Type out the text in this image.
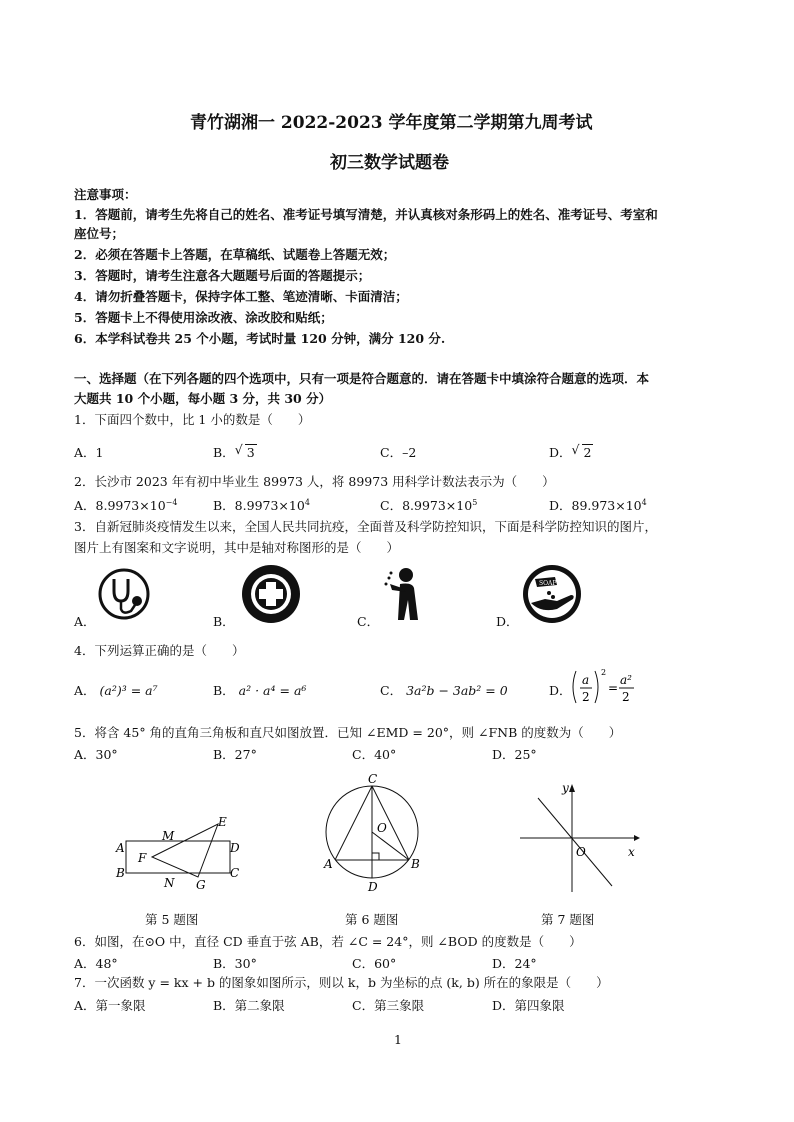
青竹湖湘一 2022-2023 学年度第二学期第九周考试
初三数学试题卷
注意事项：
1．答题前，请考生先将自己的姓名、准考证号填写清楚，并认真核对条形码上的姓名、准考证号、考室和
座位号；
2．必须在答题卡上答题，在草稿纸、试题卷上答题无效；
3．答题时，请考生注意各大题题号后面的答题提示；
4．请勿折叠答题卡，保持字体工整、笔迹清晰、卡面清洁；
5．答题卡上不得使用涂改液、涂改胶和贴纸；
6．本学科试卷共 25 个小题，考试时量 120 分钟，满分 120 分.
一、选择题（在下列各题的四个选项中，只有一项是符合题意的．请在答题卡中填涂符合题意的选项．本
大题共 10 个小题，每小题 3 分，共 30 分）
1．下面四个数中，比 1 小的数是（　　）
A．1	B． √ 3	C．–2	D． √ 2
2．长沙市 2023 年有初中毕业生 89973 人，将 89973 用科学计数法表示为（　　）
A．$8.9973\times 10^{-4}$	B．$8.9973\times 10^4$	C．$8.9973\times 10^5$	D．$89.973\times 10^4$
3．自新冠肺炎疫情发生以来，全国人民共同抗疫，全面普及科学防控知识，下面是科学防控知识的图片，
图片上有图案和文字说明，其中是轴对称图形的是（　　）
A．	B．	C．	D．
SOAP
4．下列运算正确的是（　　）
A． (a²)³ = a⁷	B． a² · a⁴ = a⁶	C． 3a²b − 3ab² = 0	D．
a
2
2
=
a²
2
5．将含 45° 角的直角三角板和直尺如图放置．已知 ∠EMD = 20°，则 ∠FNB 的度数为（　　）
A．30°	B．27°	C．40°	D．25°
A
B	C
D
E
F
G
M
N
C
O
A	B
D
x
y
O
第 5 题图	第 6 题图	第 7 题图
6．如图，在⊙O 中，直径 CD 垂直于弦 AB，若 ∠C = 24°，则 ∠BOD 的度数是（　　）
A．48°	B．30°	C．60°	D．24°
7．一次函数 y = kx + b 的图象如图所示，则以 k，b 为坐标的点 (k, b) 所在的象限是（　　）
A．第一象限	B．第二象限	C．第三象限	D．第四象限
1
